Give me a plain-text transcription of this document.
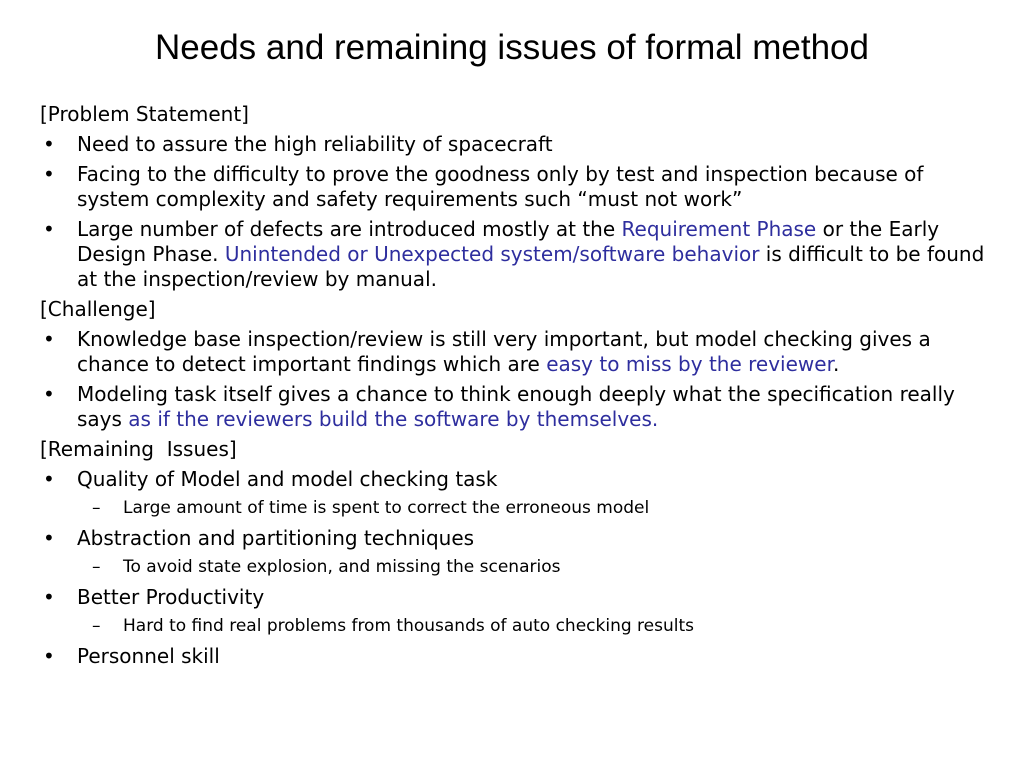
Needs and remaining issues of formal method
[Problem Statement]
• Need to assure the high reliability of spacecraft
• Facing to the difficulty to prove the goodness only by test and inspection because of system complexity and safety requirements such “must not work”
• Large number of defects are introduced mostly at the Requirement Phase or the Early Design Phase. Unintended or Unexpected system/software behavior is difficult to be found at the inspection/review by manual.
[Challenge]
• Knowledge base inspection/review is still very important, but model checking gives a chance to detect important findings which are easy to miss by the reviewer.
• Modeling task itself gives a chance to think enough deeply what the specification really says as if the reviewers build the software by themselves.
[Remaining  Issues]
• Quality of Model and model checking task
– Large amount of time is spent to correct the erroneous model
• Abstraction and partitioning techniques
– To avoid state explosion, and missing the scenarios
• Better Productivity
– Hard to find real problems from thousands of auto checking results
• Personnel skill
